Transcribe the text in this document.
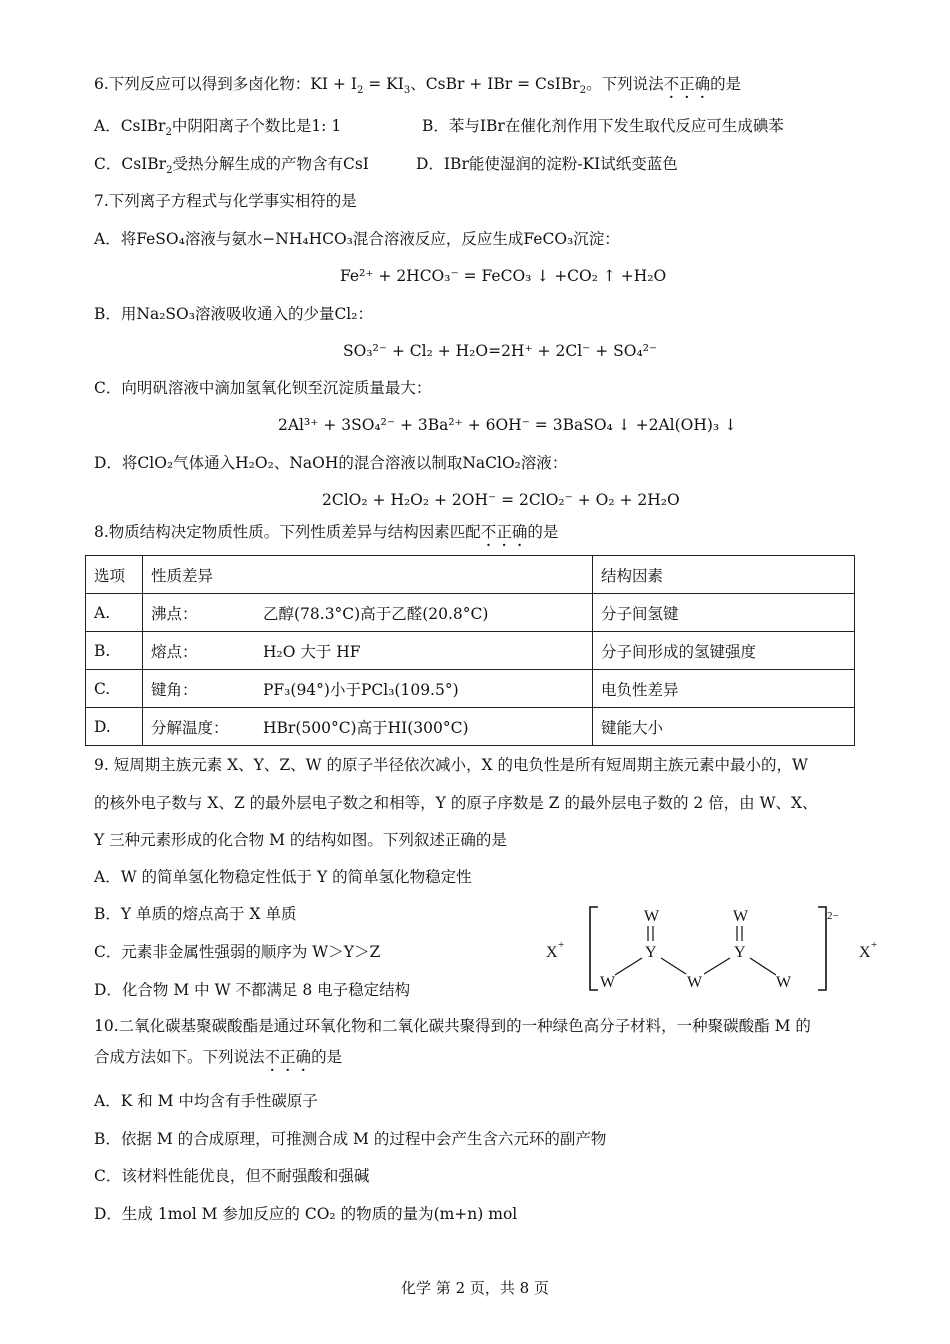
6.下列反应可以得到多卤化物：KI + $I_2 = KI_3$、CsBr + IBr = CsIBr$_2$。下列说法不正确的是
A．CsIBr$_2$中阴阳离子个数比是1: 1	B．苯与IBr在催化剂作用下发生取代反应可生成碘苯
C．CsIBr$_2$受热分解生成的产物含有CsI	D．IBr能使湿润的淀粉-KI试纸变蓝色
7.下列离子方程式与化学事实相符的是
A．将FeSO₄溶液与氨水−NH₄HCO₃混合溶液反应，反应生成FeCO₃沉淀：
Fe²⁺ + 2HCO₃⁻ = FeCO₃ ↓ +CO₂ ↑ +H₂O
B．用Na₂SO₃溶液吸收通入的少量Cl₂：
SO₃²⁻ + Cl₂ + H₂O=2H⁺ + 2Cl⁻ + SO₄²⁻
C．向明矾溶液中滴加氢氧化钡至沉淀质量最大：
2Al³⁺ + 3SO₄²⁻ + 3Ba²⁺ + 6OH⁻ = 3BaSO₄ ↓ +2Al(OH)₃ ↓
D．将ClO₂气体通入H₂O₂、NaOH的混合溶液以制取NaClO₂溶液：
2ClO₂ + H₂O₂ + 2OH⁻ = 2ClO₂⁻ + O₂ + 2H₂O
8.物质结构决定物质性质。下列性质差异与结构因素匹配不正确的是
选项	性质差异	结构因素
A.	沸点： 乙醇(78.3°C)高于乙醛(20.8°C)	分子间氢键
B.	熔点： H₂O 大于 HF	分子间形成的氢键强度
C.	键角： PF₃(94°)小于PCl₃(109.5°)	电负性差异
D.	分解温度： HBr(500°C)高于HI(300°C)	键能大小
9. 短周期主族元素 X、Y、Z、W 的原子半径依次减小，X 的电负性是所有短周期主族元素中最小的，W
的核外电子数与 X、Z 的最外层电子数之和相等，Y 的原子序数是 Z 的最外层电子数的 2 倍，由 W、X、
Y 三种元素形成的化合物 M 的结构如图。下列叙述正确的是
A．W 的简单氢化物稳定性低于 Y 的简单氢化物稳定性
B．Y 单质的熔点高于 X 单质
C．元素非金属性强弱的顺序为 W＞Y＞Z
D．化合物 M 中 W 不都满足 8 电子稳定结构
X +
2−
W
Y
W	W
W
Y
W
X +
10.二氧化碳基聚碳酸酯是通过环氧化物和二氧化碳共聚得到的一种绿色高分子材料，一种聚碳酸酯 M 的
合成方法如下。下列说法不正确的是
A．K 和 M 中均含有手性碳原子
B．依据 M 的合成原理，可推测合成 M 的过程中会产生含六元环的副产物
C．该材料性能优良，但不耐强酸和强碱
D．生成 1mol M 参加反应的 CO₂ 的物质的量为(m+n) mol
化学 第 2 页，共 8 页
